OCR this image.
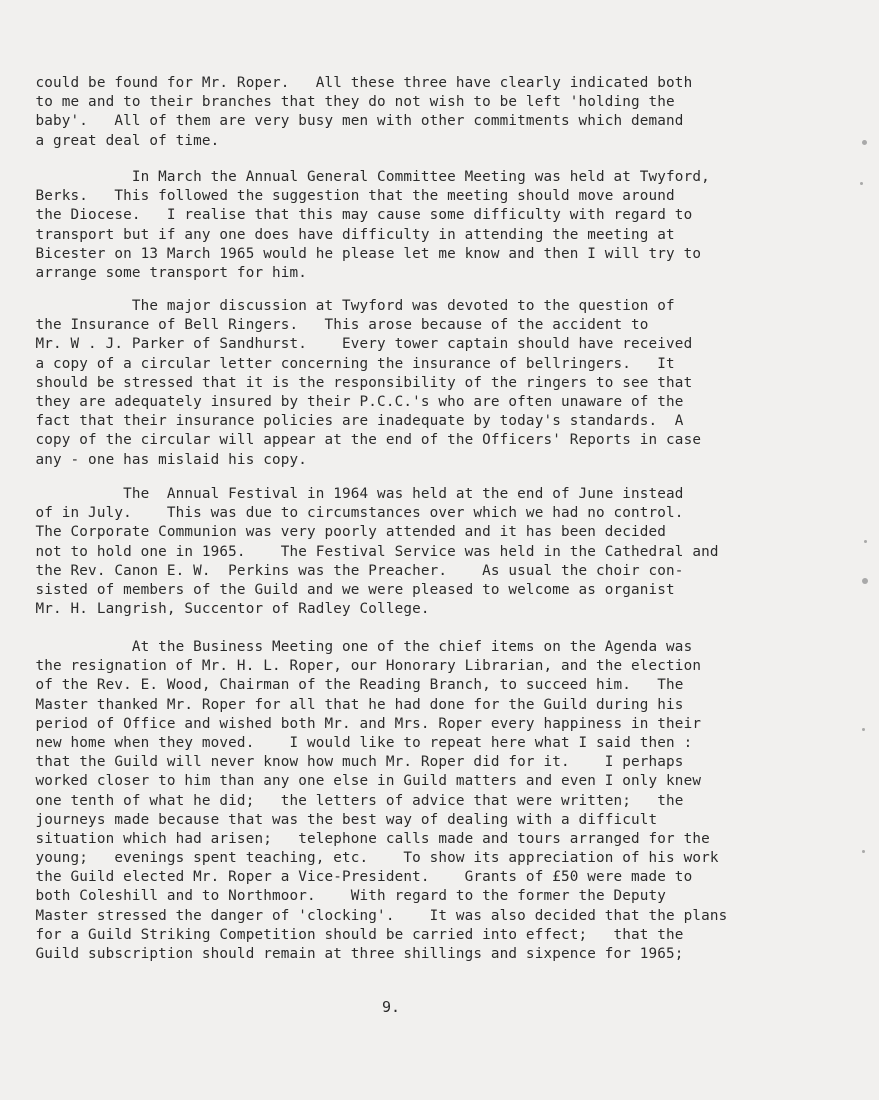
could be found for Mr. Roper.   All these three have clearly indicated both
to me and to their branches that they do not wish to be left 'holding the
baby'.   All of them are very busy men with other commitments which demand
a great deal of time.
In March the Annual General Committee Meeting was held at Twyford,
Berks.   This followed the suggestion that the meeting should move around
the Diocese.   I realise that this may cause some difficulty with regard to
transport but if any one does have difficulty in attending the meeting at
Bicester on 13 March 1965 would he please let me know and then I will try to
arrange some transport for him.
The major discussion at Twyford was devoted to the question of
the Insurance of Bell Ringers.   This arose because of the accident to
Mr. W . J. Parker of Sandhurst.    Every tower captain should have received
a copy of a circular letter concerning the insurance of bellringers.   It
should be stressed that it is the responsibility of the ringers to see that
they are adequately insured by their P.C.C.'s who are often unaware of the
fact that their insurance policies are inadequate by today's standards.  A
copy of the circular will appear at the end of the Officers' Reports in case
any - one has mislaid his copy.
The  Annual Festival in 1964 was held at the end of June instead
of in July.    This was due to circumstances over which we had no control.
The Corporate Communion was very poorly attended and it has been decided
not to hold one in 1965.    The Festival Service was held in the Cathedral and
the Rev. Canon E. W.  Perkins was the Preacher.    As usual the choir con-
sisted of members of the Guild and we were pleased to welcome as organist
Mr. H. Langrish, Succentor of Radley College.
At the Business Meeting one of the chief items on the Agenda was
the resignation of Mr. H. L. Roper, our Honorary Librarian, and the election
of the Rev. E. Wood, Chairman of the Reading Branch, to succeed him.   The
Master thanked Mr. Roper for all that he had done for the Guild during his
period of Office and wished both Mr. and Mrs. Roper every happiness in their
new home when they moved.    I would like to repeat here what I said then :
that the Guild will never know how much Mr. Roper did for it.    I perhaps
worked closer to him than any one else in Guild matters and even I only knew
one tenth of what he did;   the letters of advice that were written;   the
journeys made because that was the best way of dealing with a difficult
situation which had arisen;   telephone calls made and tours arranged for the
young;   evenings spent teaching, etc.    To show its appreciation of his work
the Guild elected Mr. Roper a Vice-President.    Grants of £50 were made to
both Coleshill and to Northmoor.    With regard to the former the Deputy
Master stressed the danger of 'clocking'.    It was also decided that the plans
for a Guild Striking Competition should be carried into effect;   that the
Guild subscription should remain at three shillings and sixpence for 1965;
9.
